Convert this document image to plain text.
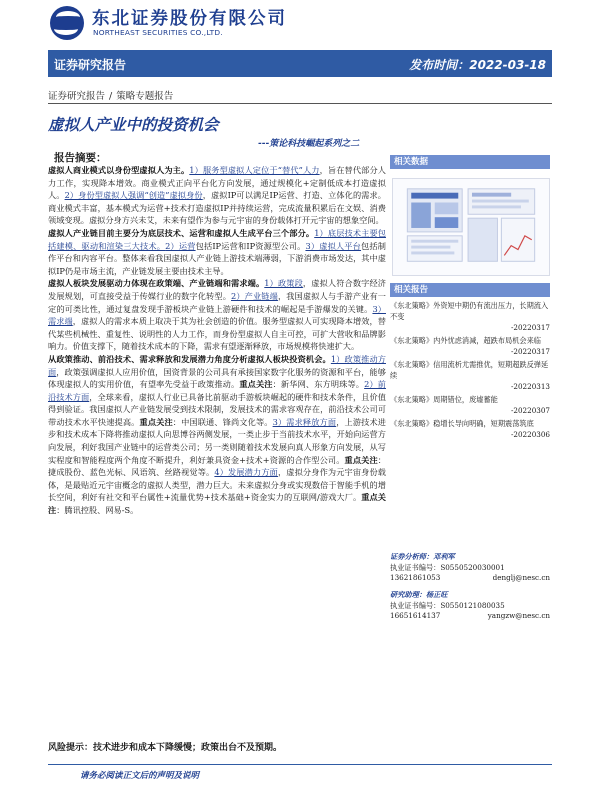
东北证券股份有限公司
NORTHEAST SECURITIES CO.,LTD.
证券研究报告	发布时间：2022-03-18
证券研究报告 / 策略专题报告
虚拟人产业中的投资机会
---策论科技崛起系列之二
报告摘要：

虚拟人商业模式以身份型虚拟人为主。1）服务型虚拟人定位于“替代”人力，旨在替代部分人力工作，实现降本增效。商业模式正向平台化方向发展，通过规模化+定制低成本打造虚拟人。2）身份型虚拟人强调“创造”虚拟身份，虚拟IP可以满足IP运营、打造、立体化的需求。商业模式丰富，基本模式为运营+技术打造虚拟IP并持续运营，完成流量积累后在文娱、消费领域变现。虚拟分身方兴未艾，未来有望作为参与元宇宙的身份载体打开元宇宙的想象空间。

虚拟人产业链目前主要分为底层技术、运营和虚拟人生成平台三个部分。1）底层技术主要包括建模、驱动和渲染三大技术。2）运营包括IP运营和IP资源型公司。3）虚拟人平台包括制作平台和内容平台。整体来看我国虚拟人产业链上游技术端薄弱，下游消费市场发达，其中虚拟IP仍是市场主流，产业链发展主要由技术主导。

虚拟人板块发展驱动力体现在政策端、产业链端和需求端。1）政策段，虚拟人符合数字经济发展规划，可直接受益于传媒行业的数字化转型。2）产业链端，我国虚拟人与手游产业有一定的可类比性，通过复盘发现手游板块产业链上游硬件和技术的崛起是手游爆发的关键。3）需求端，虚拟人的需求本质上取决于其为社会创造的价值。服务型虚拟人可实现降本增效，替代某些机械性、重复性、说明性的人力工作，而身份型虚拟人自主可控，可扩大营收和品牌影响力。价值支撑下，随着技术成本的下降，需求有望逐渐释放，市场规模将快速扩大。

从政策推动、前沿技术、需求释放和发展潜力角度分析虚拟人板块投资机会。1）政策推动方面，政策强调虚拟人应用价值，国资背景的公司具有承接国家数字化服务的资源和平台，能够体现虚拟人的实用价值，有望率先受益于政策推动。重点关注：新华网、东方明珠等。2）前沿技术方面，全球来看，虚拟人行业已具备比前驱动手游板块崛起的硬件和技术条件，且价值得到验证。我国虚拟人产业链发展受到技术限制，发展技术的需求容观存在，前沿技术公司可带动技术水平快速提高。重点关注：中国联通、锋尚文化等。3）需求释放方面，上游技术进步和技术成本下降将推动虚拟人向思博谷两侧发展，一类止步于当前技术水平，开始向运营方向发展，利好我国产业链中的运营类公司；另一类则随着技术发展向真人形象方向发展，从写实程度和智能程度两个角度不断提升，利好兼具资金+技术+资源的合作型公司。重点关注：捷成股份、蓝色光标、风语筑、丝路视觉等。4）发展潜力方面，虚拟分身作为元宇宙身份载体，是最贴近元宇宙概念的虚拟人类型，潜力巨大。未来虚拟分身或实现数倍于智能手机的增长空间，利好有社交和平台属性+流量优势+技术基础+资金实力的互联网/游戏大厂。重点关注：腾讯控股、网易-S。

风险提示：技术进步和成本下降缓慢；政策出台不及预期。
请务必阅读正文后的声明及说明
相关数据
相关报告
《东北策略》外资短中期仍有流出压力，长期流入不变
-20220317
《东北策略》内外忧虑消减，超跌布局机会来临
-20220317
《东北策略》信用流析尤需推优，短期超跌反弹延续
-20220313
《东北策略》周期错位，废墟蓄能
-20220307
《东北策略》稳增长导向明确，短期震荡筑底
-20220306
证券分析师：邓利军
执业证书编号：S0550520030001
13621861053	denglj@nesc.cn
研究助理：杨正旺
执业证书编号：S0550121080035
16651614137	yangzw@nesc.cn
